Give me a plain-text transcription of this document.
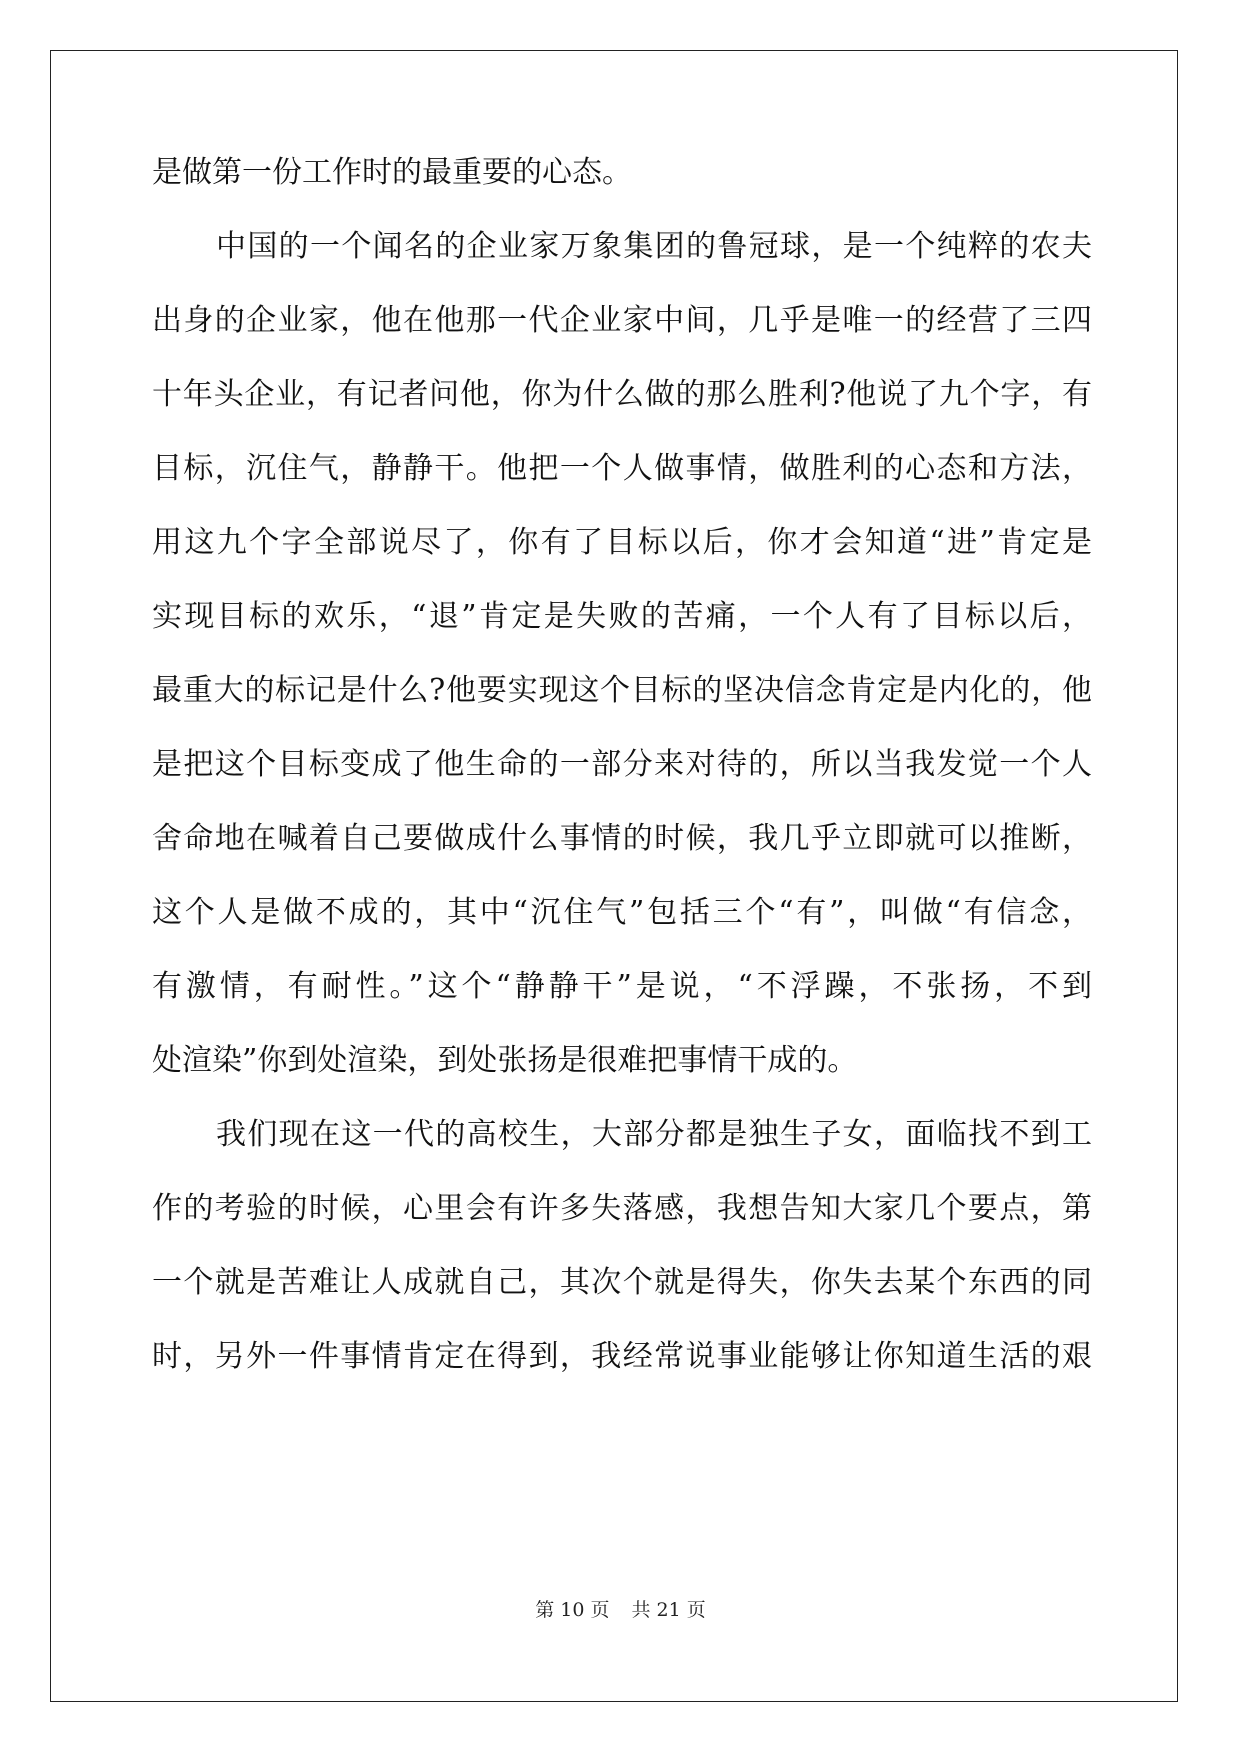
是做第一份工作时的最重要的心态。
中国的一个闻名的企业家万象集团的鲁冠球，是一个纯粹的农夫
出身的企业家，他在他那一代企业家中间，几乎是唯一的经营了三四
十年头企业，有记者问他，你为什么做的那么胜利?他说了九个字，有
目标，沉住气，静静干。他把一个人做事情，做胜利的心态和方法，
用这九个字全部说尽了，你有了目标以后，你才会知道“进”肯定是
实现目标的欢乐，“退”肯定是失败的苦痛，一个人有了目标以后，
最重大的标记是什么?他要实现这个目标的坚决信念肯定是内化的，他
是把这个目标变成了他生命的一部分来对待的，所以当我发觉一个人
舍命地在喊着自己要做成什么事情的时候，我几乎立即就可以推断，
这个人是做不成的，其中“沉住气”包括三个“有”，叫做“有信念，
有激情，有耐性。”这个“静静干”是说，“不浮躁，不张扬，不到
处渲染”你到处渲染，到处张扬是很难把事情干成的。
我们现在这一代的高校生，大部分都是独生子女，面临找不到工
作的考验的时候，心里会有许多失落感，我想告知大家几个要点，第
一个就是苦难让人成就自己，其次个就是得失，你失去某个东西的同
时，另外一件事情肯定在得到，我经常说事业能够让你知道生活的艰
第 10 页 共 21 页
